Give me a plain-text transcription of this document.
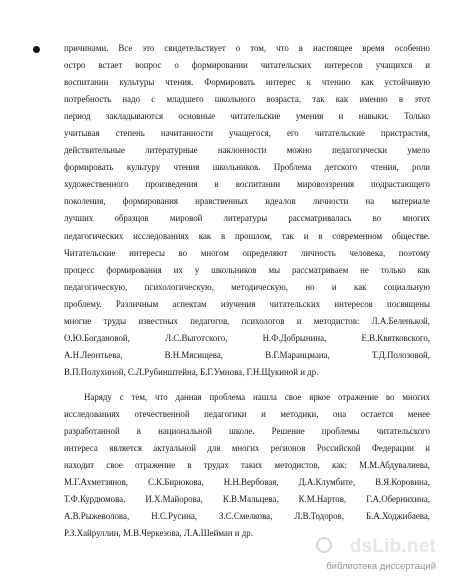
причинами. Все это свидетельствует о том, что в настоящее время особенно
остро встает вопрос о формировании читательских интересов учащихся и
воспитании культуры чтения. Формировать интерес к чтению как устойчивую
потребность надо с младшего школьного возраста, так как именно в этот
период закладываются основные читательские умения и навыки. Только
учитывая степень начитанности учащегося, его читательские пристрастия,
действительные литературные наклонности можно педагогически умело
формировать культуру чтения школьников. Проблема детского чтения, роли
художественного произведения в воспитании мировоззрения подрастающего
поколения, формирования нравственных идеалов личности на материале
лучших образцов мировой литературы рассматривалась во многих
педагогических исследованиях как в прошлом, так и в современном обществе.
Читательские интересы во многом определяют личность человека, поэтому
процесс формирования их у школьников мы рассматриваем не только как
педагогическую, психологическую, методическую, но и как социальную
проблему. Различным аспектам изучения читательских интересов посвящены
многие труды известных педагогов, психологов и методистов: Л.А.Беленькой,
О.Ю.Богдановой, Л.С.Выготского, Н.Ф.Добрынина, Е.В.Квятковского,
А.Н.Леонтьева, В.Н.Мясищева, В.Г.Маранцмана, Т.Д.Полозовой,
В.П.Полухиной, С.Л.Рубинштейна, Б.Г.Умнова, Г.Н.Щукиной и др.
Наряду с тем, что данная проблема нашла свое яркое отражение во многих
исследованиях отечественной педагогики и методики, она остается менее
разработанной в национальной школе. Решение проблемы читательского
интереса является актуальной для многих регионов Российской Федерации и
находит свое отражение в трудах таких методистов, как: М.М.Абдувалиева,
М.Г.Ахметзянов, С.К.Бирюкова, Н.Н.Вербовая, Д.А.Клумбите, В.Я.Коровина,
Т.Ф.Курдюмова, И.Х.Майорова, К.В.Мальцева, К.М.Нартов, Г.А.Обернихина,
А.В.Рыжеволова, Н.С.Русина, З.С.Смелкова, Л.В.Тодоров, Б.А.Ходжибаева,
Р.З.Хайруллин, М.В.Черкезова, Л.А.Шейман и др.
dsLib.net
библиотека диссертаций
